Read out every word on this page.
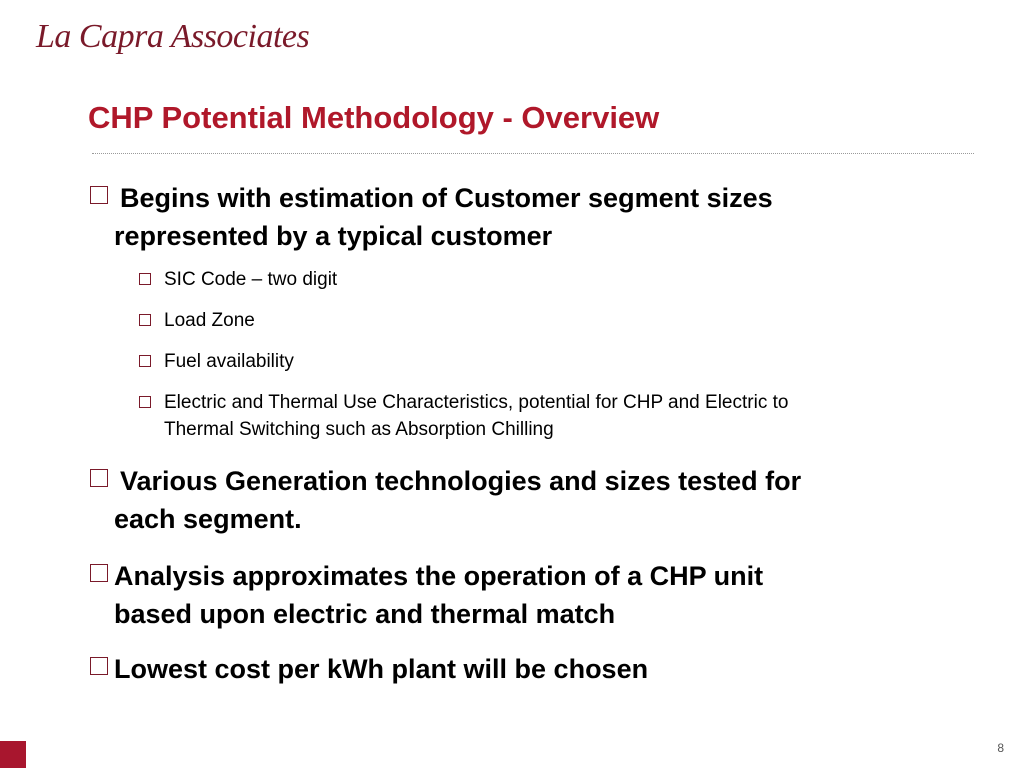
La Capra Associates
CHP Potential Methodology - Overview
Begins with estimation of Customer segment sizes represented by a typical customer
SIC Code – two digit
Load Zone
Fuel availability
Electric and Thermal Use Characteristics, potential for CHP and Electric to Thermal Switching such as Absorption Chilling
Various Generation technologies and sizes tested for each segment.
Analysis approximates the operation of a CHP unit based upon electric and thermal match
Lowest cost per kWh plant will be chosen
8
